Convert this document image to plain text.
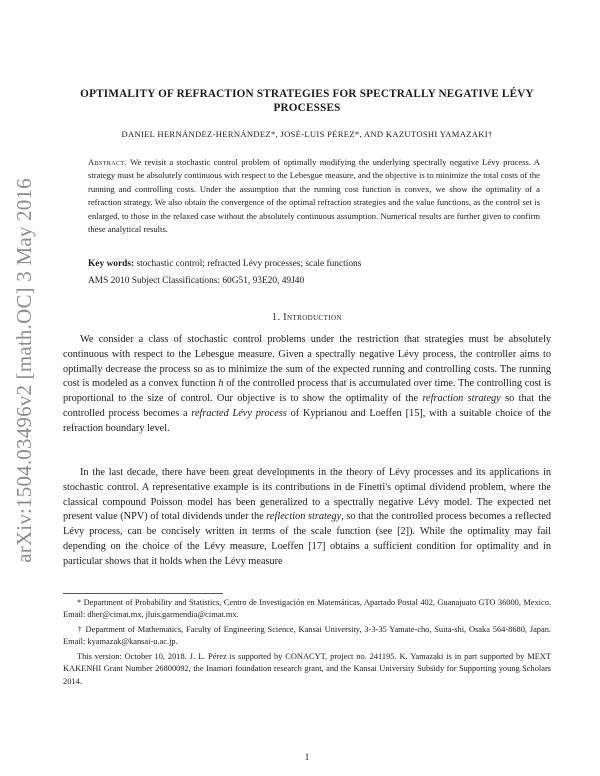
arXiv:1504.03496v2 [math.OC] 3 May 2016
OPTIMALITY OF REFRACTION STRATEGIES FOR SPECTRALLY NEGATIVE LÉVY
PROCESSES
DANIEL HERNÁNDEZ-HERNÁNDEZ*, JOSÉ-LUIS PÉREZ*, AND KAZUTOSHI YAMAZAKI†
Abstract. We revisit a stochastic control problem of optimally modifying the underlying spectrally negative Lévy process. A strategy must be absolutely continuous with respect to the Lebesgue measure, and the objective is to minimize the total costs of the running and controlling costs. Under the assumption that the running cost function is convex, we show the optimality of a refraction strategy. We also obtain the convergence of the optimal refraction strategies and the value functions, as the control set is enlarged, to those in the relaxed case without the absolutely continuous assumption. Numerical results are further given to confirm these analytical results.
Key words: stochastic control; refracted Lévy processes; scale functions
AMS 2010 Subject Classifications: 60G51, 93E20, 49J40
1. Introduction
We consider a class of stochastic control problems under the restriction that strategies must be absolutely continuous with respect to the Lebesgue measure. Given a spectrally negative Lévy process, the controller aims to optimally decrease the process so as to minimize the sum of the expected running and controlling costs. The running cost is modeled as a convex function h of the controlled process that is accumulated over time. The controlling cost is proportional to the size of control. Our objective is to show the optimality of the refraction strategy so that the controlled process becomes a refracted Lévy process of Kyprianou and Loeffen [15], with a suitable choice of the refraction boundary level.
In the last decade, there have been great developments in the theory of Lévy processes and its applications in stochastic control. A representative example is its contributions in de Finetti's optimal dividend problem, where the classical compound Poisson model has been generalized to a spectrally negative Lévy model. The expected net present value (NPV) of total dividends under the reflection strategy, so that the controlled process becomes a reflected Lévy process, can be concisely written in terms of the scale function (see [2]). While the optimality may fail depending on the choice of the Lévy measure, Loeffen [17] obtains a sufficient condition for optimality and in particular shows that it holds when the Lévy measure
* Department of Probability and Statistics, Centro de Investigación en Matemáticas, Apartado Postal 402, Guanajuato GTO 36000, Mexico. Email: dher@cimat.mx, jluis.garmendia@cimat.mx.
† Department of Mathematics, Faculty of Engineering Science, Kansai University, 3-3-35 Yamate-cho, Suita-shi, Osaka 564-8680, Japan. Email: kyamazak@kansai-u.ac.jp.
This version: October 10, 2018. J. L. Pérez is supported by CONACYT, project no. 241195. K. Yamazaki is in part supported by MEXT KAKENHI Grant Number 26800092, the Inamori foundation research grant, and the Kansai University Subsidy for Supporting young Scholars 2014.
1
